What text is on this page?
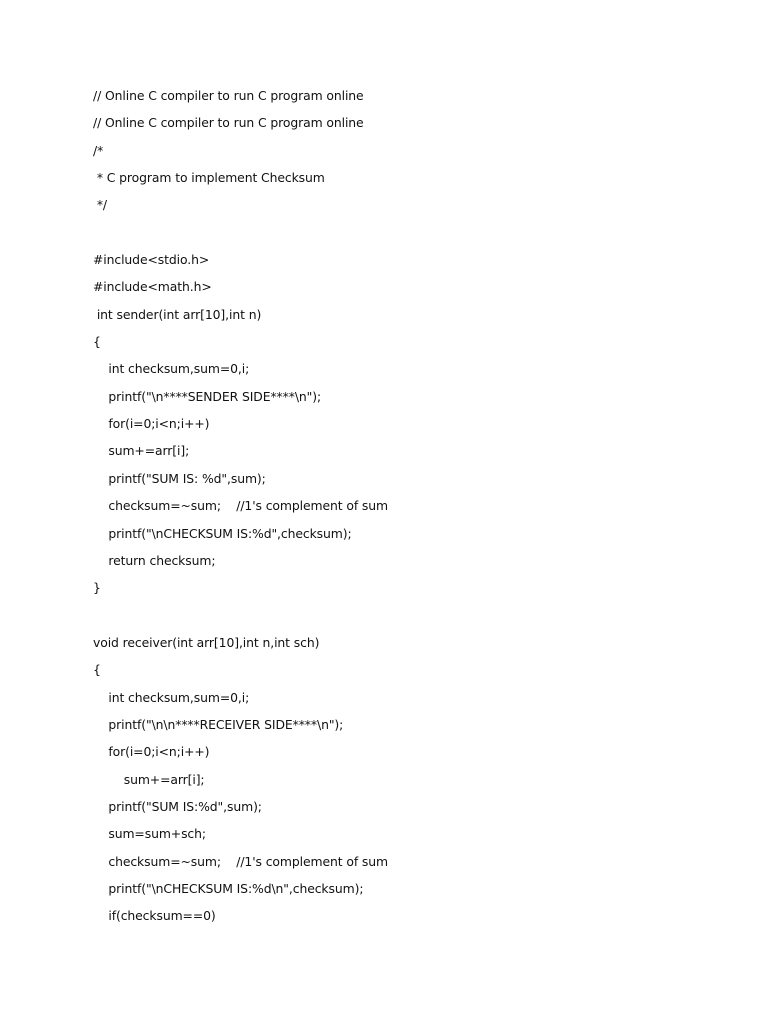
// Online C compiler to run C program online
// Online C compiler to run C program online
/*
* C program to implement Checksum
*/
#include<stdio.h>
#include<math.h>
int sender(int arr[10],int n)
{
int checksum,sum=0,i;
printf("\n****SENDER SIDE****\n");
for(i=0;i<n;i++)
sum+=arr[i];
printf("SUM IS: %d",sum);
checksum=~sum;    //1's complement of sum
printf("\nCHECKSUM IS:%d",checksum);
return checksum;
}
void receiver(int arr[10],int n,int sch)
{
int checksum,sum=0,i;
printf("\n\n****RECEIVER SIDE****\n");
for(i=0;i<n;i++)
sum+=arr[i];
printf("SUM IS:%d",sum);
sum=sum+sch;
checksum=~sum;    //1's complement of sum
printf("\nCHECKSUM IS:%d\n",checksum);
if(checksum==0)
